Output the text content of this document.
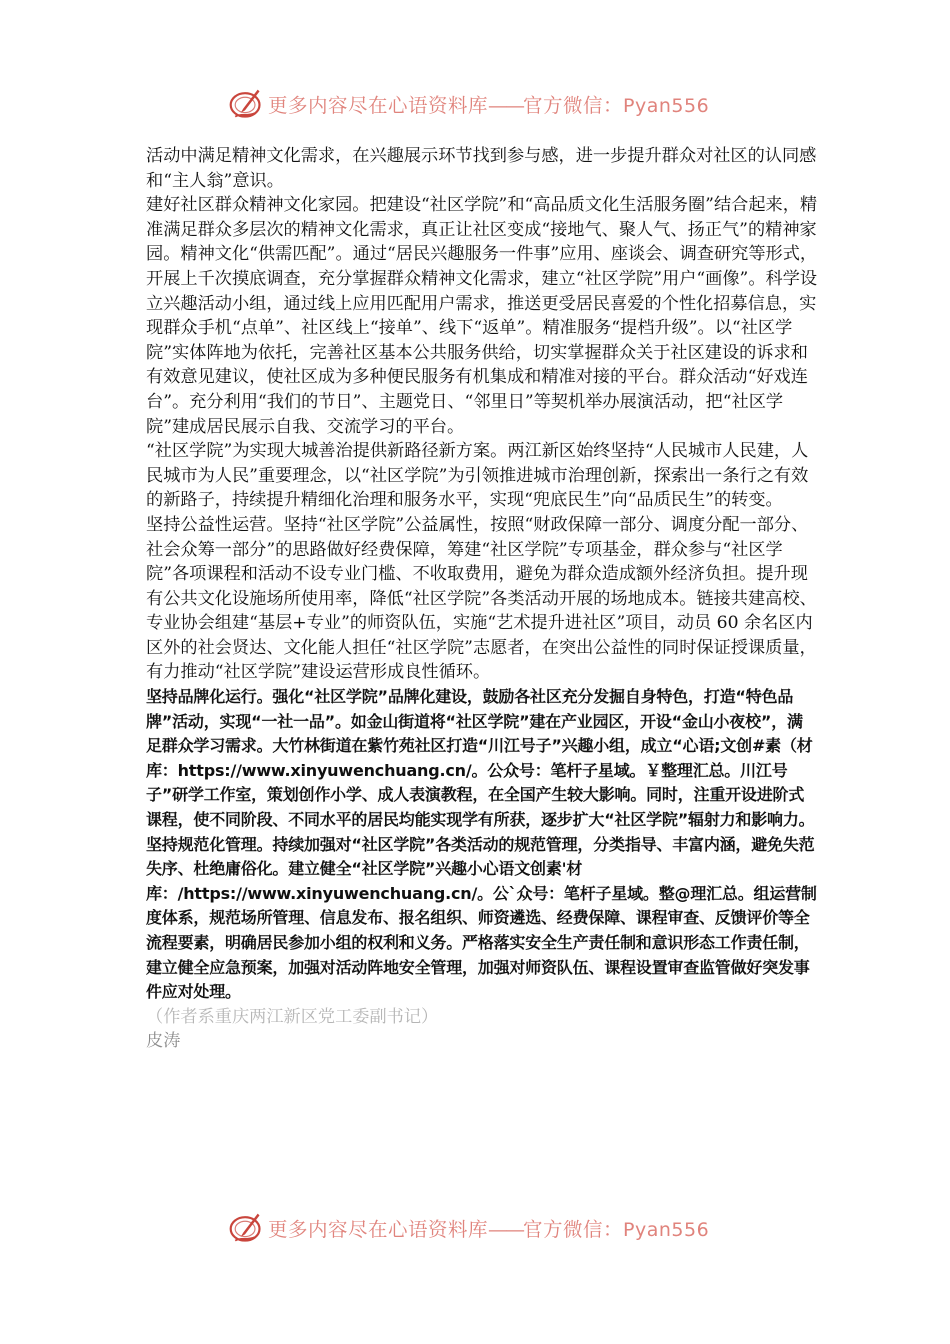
更多内容尽在心语资料库——官方微信：Pyan556

活动中满足精神文化需求，在兴趣展示环节找到参与感，进一步提升群众对社区的认同感和“主人翁”意识。

建好社区群众精神文化家园。把建设“社区学院”和“高品质文化生活服务圈”结合起来，精准满足群众多层次的精神文化需求，真正让社区变成“接地气、聚人气、扬正气”的精神家园。精神文化“供需匹配”。通过“居民兴趣服务一件事”应用、座谈会、调查研究等形式，开展上千次摸底调查，充分掌握群众精神文化需求，建立“社区学院”用户“画像”。科学设立兴趣活动小组，通过线上应用匹配用户需求，推送更受居民喜爱的个性化招募信息，实现群众手机“点单”、社区线上“接单”、线下“返单”。精准服务“提档升级”。以“社区学院”实体阵地为依托，完善社区基本公共服务供给，切实掌握群众关于社区建设的诉求和有效意见建议，使社区成为多种便民服务有机集成和精准对接的平台。群众活动“好戏连台”。充分利用“我们的节日”、主题党日、“邻里日”等契机举办展演活动，把“社区学院”建成居民展示自我、交流学习的平台。

“社区学院”为实现大城善治提供新路径新方案。两江新区始终坚持“人民城市人民建，人民城市为人民”重要理念，以“社区学院”为引领推进城市治理创新，探索出一条行之有效的新路子，持续提升精细化治理和服务水平，实现“兜底民生”向“品质民生”的转变。

坚持公益性运营。坚持“社区学院”公益属性，按照“财政保障一部分、调度分配一部分、社会众筹一部分”的思路做好经费保障，筹建“社区学院”专项基金，群众参与“社区学院”各项课程和活动不设专业门槛、不收取费用，避免为群众造成额外经济负担。提升现有公共文化设施场所使用率，降低“社区学院”各类活动开展的场地成本。链接共建高校、专业协会组建“基层+专业”的师资队伍，实施“艺术提升进社区”项目，动员 60 余名区内区外的社会贤达、文化能人担任“社区学院”志愿者，在突出公益性的同时保证授课质量，有力推动“社区学院”建设运营形成良性循环。

坚持品牌化运行。强化“社区学院”品牌化建设，鼓励各社区充分发掘自身特色，打造“特色品牌”活动，实现“一社一品”。如金山街道将“社区学院”建在产业园区，开设“金山小夜校”，满足群众学习需求。大竹林街道在紫竹苑社区打造“川江号子”兴趣小组，成立“心语;文创#素（材库：https://www.xinyuwenchuang.cn/。公众号：笔杆子星域。￥整理汇总。川江号子”研学工作室，策划创作小学、成人表演教程，在全国产生较大影响。同时，注重开设进阶式课程，使不同阶段、不同水平的居民均能实现学有所获，逐步扩大“社区学院”辐射力和影响力。

坚持规范化管理。持续加强对“社区学院”各类活动的规范管理，分类指导、丰富内涵，避免失范失序、杜绝庸俗化。建立健全“社区学院”兴趣小心语文创素'材库：/https://www.xinyuwenchuang.cn/。公`众号：笔杆子星域。整@理汇总。组运营制度体系，规范场所管理、信息发布、报名组织、师资遴选、经费保障、课程审查、反馈评价等全流程要素，明确居民参加小组的权利和义务。严格落实安全生产责任制和意识形态工作责任制，建立健全应急预案，加强对活动阵地安全管理，加强对师资队伍、课程设置审查监管做好突发事件应对处理。

（作者系重庆两江新区党工委副书记）

皮涛

更多内容尽在心语资料库——官方微信：Pyan556
